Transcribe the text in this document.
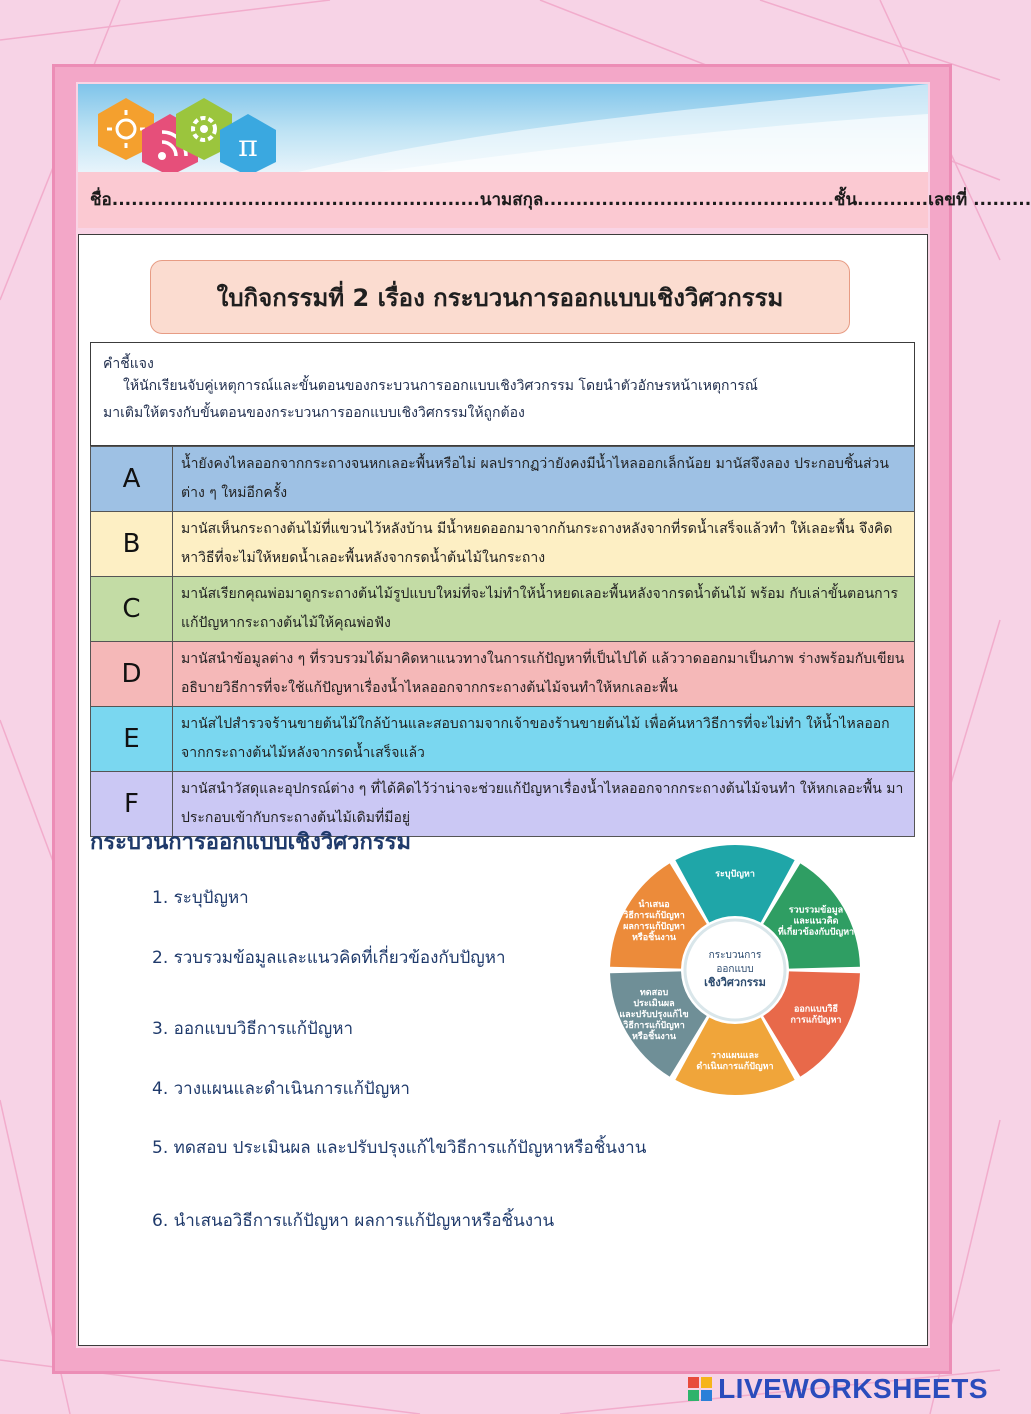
π
ชื่อ.........................................................นามสกุล.............................................ชั้น...........เลขที่ .........
ใบกิจกรรมที่ 2 เรื่อง กระบวนการออกแบบเชิงวิศวกรรม
คำชี้แจง
ให้นักเรียนจับคู่เหตุการณ์และขั้นตอนของกระบวนการออกแบบเชิงวิศวกรรม โดยนำตัวอักษรหน้าเหตุการณ์
มาเติมให้ตรงกับขั้นตอนของกระบวนการออกแบบเชิงวิศกรรมให้ถูกต้อง
A	น้ำยังคงไหลออกจากกระถางจนหกเลอะพื้นหรือไม่ ผลปรากฏว่ายังคงมีน้ำไหลออกเล็กน้อย มานัสจึงลอง ประกอบชิ้นส่วนต่าง ๆ ใหม่อีกครั้ง
B	มานัสเห็นกระถางต้นไม้ที่แขวนไว้หลังบ้าน มีน้ำหยดออกมาจากก้นกระถางหลังจากที่รดน้ำเสร็จแล้วทำ ให้เลอะพื้น จึงคิดหาวิธีที่จะไม่ให้หยดน้ำเลอะพื้นหลังจากรดน้ำต้นไม้ในกระถาง
C	มานัสเรียกคุณพ่อมาดูกระถางต้นไม้รูปแบบใหม่ที่จะไม่ทำให้น้ำหยดเลอะพื้นหลังจากรดน้ำต้นไม้ พร้อม กับเล่าขั้นตอนการแก้ปัญหากระถางต้นไม้ให้คุณพ่อฟัง
D	มานัสนำข้อมูลต่าง ๆ ที่รวบรวมได้มาคิดหาแนวทางในการแก้ปัญหาที่เป็นไปได้ แล้ววาดออกมาเป็นภาพ ร่างพร้อมกับเขียนอธิบายวิธีการที่จะใช้แก้ปัญหาเรื่องน้ำไหลออกจากกระถางต้นไม้จนทำให้หกเลอะพื้น
E	มานัสไปสำรวจร้านขายต้นไม้ใกล้บ้านและสอบถามจากเจ้าของร้านขายต้นไม้ เพื่อค้นหาวิธีการที่จะไม่ทำ ให้น้ำไหลออกจากกระถางต้นไม้หลังจากรดน้ำเสร็จแล้ว
F	มานัสนำวัสดุและอุปกรณ์ต่าง ๆ ที่ได้คิดไว้ว่าน่าจะช่วยแก้ปัญหาเรื่องน้ำไหลออกจากกระถางต้นไม้จนทำ ให้หกเลอะพื้น มาประกอบเข้ากับกระถางต้นไม้เดิมที่มีอยู่
กระบวนการออกแบบเชิงวิศวกรรม
1. ระบุปัญหา
2. รวบรวมข้อมูลและแนวคิดที่เกี่ยวข้องกับปัญหา
3. ออกแบบวิธีการแก้ปัญหา
4. วางแผนและดำเนินการแก้ปัญหา
5. ทดสอบ ประเมินผล และปรับปรุงแก้ไขวิธีการแก้ปัญหาหรือชิ้นงาน
6. นำเสนอวิธีการแก้ปัญหา ผลการแก้ปัญหาหรือชิ้นงาน
ระบุปัญหา
รวบรวมข้อมูลและแนวคิดที่เกี่ยวข้องกับปัญหา
ออกแบบวิธีการแก้ปัญหา
วางแผนและดำเนินการแก้ปัญหา
ทดสอบประเมินผลและปรับปรุงแก้ไขวิธีการแก้ปัญหาหรือชิ้นงาน
นำเสนอวิธีการแก้ปัญหาผลการแก้ปัญหาหรือชิ้นงาน
กระบวนการออกแบบเชิงวิศวกรรม
LIVEWORKSHEETS
